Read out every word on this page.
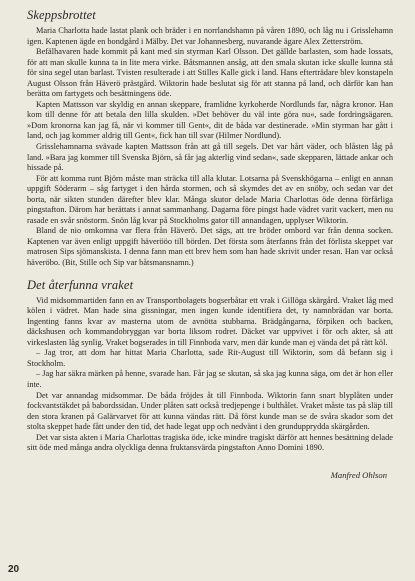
Skeppsbrottet

Maria Charlotta hade lastat plank och bräder i en norrlandshamn på våren 1890, och låg nu i Grisslehamn igen. Kaptenen ägde en bondgård i Mälby. Det var Johannesberg, nuvarande ägare Alex Zetterström.

Befälhavaren hade kommit på kant med sin styrman Karl Olsson. Det gällde barlasten, som hade lossats, för att man skulle kunna ta in lite mera virke. Båtsmannen ansåg, att den smala skutan icke skulle kunna stå för sina segel utan barlast. Tvisten resulterade i att Stilles Kalle gick i land. Hans efterträdare blev konstapeln August Olsson från Häverö prästgård. Wiktorin hade beslutat sig för att stanna på land, och därför kan han berätta om fartygets och besättningens öde.

Kapten Mattsson var skyldig en annan skeppare, framlidne kyrkoherde Nordlunds far, några kronor. Han kom till denne för att betala den lilla skulden. »Det behöver du väl inte göra nu«, sade fordringsägaren. »Dom kronorna kan jag få, när vi kommer till Gent«, dit de båda var destinerade. »Min styrman har gått i land, och jag kommer aldrig till Gent«, fick han till svar (Hilmer Nordlund).

Grisslehamnarna svävade kapten Mattsson från att gå till segels. Det var hårt väder, och blåsten låg på land. »Bara jag kommer till Svenska Björn, så får jag akterlig vind sedan«, sade skepparen, lättade ankar och hissade på.

För att komma runt Björn måste man sträcka till alla klutar. Lotsarna på Svenskhögarna – enligt en annan uppgift Söderarm – såg fartyget i den hårda stormen, och så skymdes det av en snöby, och sedan var det borta, när sikten stunden därefter blev klar. Många skutor delade Maria Charlottas öde denna förfärliga pingstafton. Därom har berättats i annat sammanhang. Dagarna före pingst hade vädret varit vackert, men nu rasade en svår snöstorm. Snön låg kvar på Stockholms gator till annandagen, upplyser Wiktorin.

Bland de nio omkomna var flera från Häverö. Det sägs, att tre bröder ombord var från denna socken. Kaptenen var även enligt uppgift häverööo till börden. Det första som återfanns från det förlista skeppet var matrosen Sips sjömanskista. I denna fann man ett brev hem som han hade skrivit under resan. Han var också häveröbo. (Bit, Stille och Sip var båtsmansnamn.)

Det återfunna vraket

Vid midsommartiden fann en av Transportbolagets bogserbåtar ett vrak i Gillöga skärgård. Vraket låg med kölen i vädret. Man hade sina gissningar, men ingen kunde identifiera det, ty namnbrädan var borta. Ingenting fanns kvar av masterna utom de avnötta stubbarna. Brädgångarna, förpiken och backen, däckshusen och kommandobryggan var borta liksom rodret. Däcket var uppvivet i för och akter, så att virkeslasten låg synlig. Vraket bogserades in till Finnboda varv, men där kunde man ej vända det på rätt köl.

– Jag tror, att dom har hittat Maria Charlotta, sade Rit-August till Wiktorin, som då befann sig i Stockholm.

– Jag har säkra märken på henne, svarade han. Får jag se skutan, så ska jag kunna säga, om det är hon eller inte.

Det var annandag midsommar. De båda fröjdes åt till Finnboda. Wiktorin fann snart blyplåten under fockvantstäkdet på babordssidan. Under plåten satt också tredjepenge i bulthålet. Vraket måste tas på släp till den stora kranen på Galärvarvet för att kunna vändas rätt. Då först kunde man se de svåra skador som det stolta skeppet hade fått under den tid, det hade legat upp och nedvänt i den grundupprydda skärgården.

Det var sista akten i Maria Charlottas tragiska öde, icke mindre tragiskt därför att hennes besättning delade sitt öde med många andra olyckliga denna fruktansvärda pingstafton Anno Domini 1890.

Manfred Ohlson
20
